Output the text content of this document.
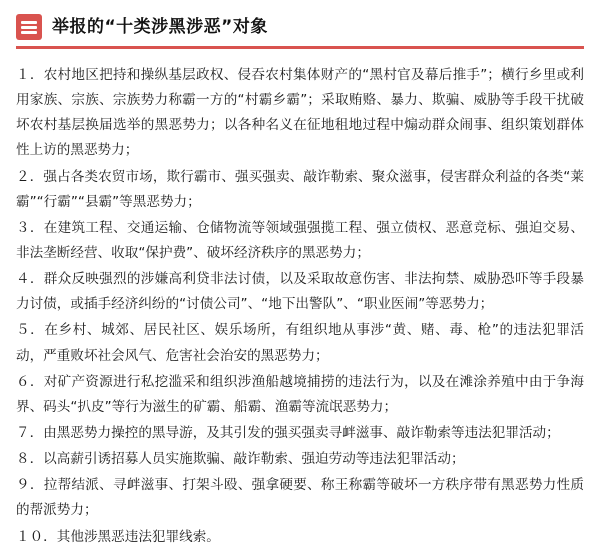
举报的“十类涉黑涉恶”对象

１．农村地区把持和操纵基层政权、侵吞农村集体财产的“黑村官及幕后推手”；横行乡里或利用家族、宗族、宗族势力称霸一方的“村霸乡霸”；采取贿赂、暴力、欺骗、威胁等手段干扰破坏农村基层换届选举的黑恶势力；以各种名义在征地租地过程中煽动群众闹事、组织策划群体性上访的黑恶势力；

２．强占各类农贸市场，欺行霸市、强买强卖、敲诈勒索、聚众滋事，侵害群众利益的各类“莱霸”“行霸”“县霸”等黑恶势力；

３．在建筑工程、交通运输、仓储物流等领域强强揽工程、强立债权、恶意竞标、强迫交易、非法垄断经营、收取“保护费”、破坏经济秩序的黑恶势力；

４．群众反映强烈的涉嫌高利贷非法讨债，以及采取故意伤害、非法拘禁、威胁恐吓等手段暴力讨债，或插手经济纠纷的“讨债公司”、“地下出警队”、“职业医闹”等恶势力；

５．在乡村、城郊、居民社区、娱乐场所，有组织地从事涉“黄、赌、毒、枪”的违法犯罪活动，严重败坏社会风气、危害社会治安的黑恶势力；

６．对矿产资源进行私挖滥采和组织涉渔船越境捕捞的违法行为，以及在滩涂养殖中由于争海界、码头“扒皮”等行为滋生的矿霸、船霸、渔霸等流氓恶势力；

７．由黑恶势力操控的黑导游，及其引发的强买强卖寻衅滋事、敲诈勒索等违法犯罪活动；

８．以高薪引诱招募人员实施欺骗、敲诈勒索、强迫劳动等违法犯罪活动；

９．拉帮结派、寻衅滋事、打架斗殴、强拿硬要、称王称霸等破坏一方秩序带有黑恶势力性质的帮派势力；

１０．其他涉黑恶违法犯罪线索。
